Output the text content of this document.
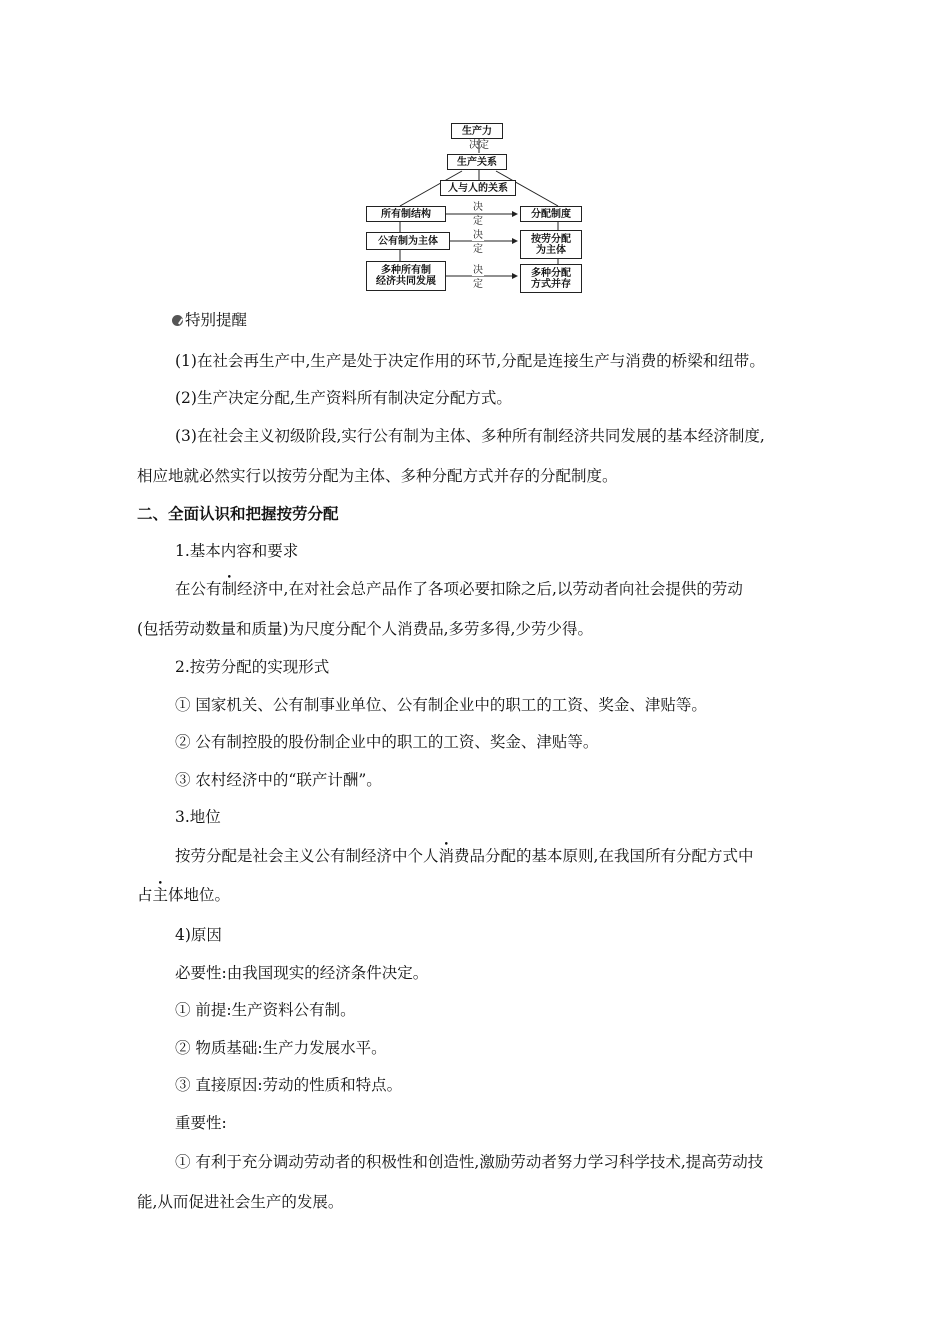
生产力
决定
生产关系
人与人的关系
所有制结构
公有制为主体
多种所有制
经济共同发展
分配制度
按劳分配
为主体
多种分配
方式并存
决
定
决
定
决
定
特别提醒
(1)在社会再生产中,生产是处于决定作用的环节,分配是连接生产与消费的桥梁和纽带。
(2)生产决定分配,生产资料所有制决定分配方式。
(3)在社会主义初级阶段,实行公有制为主体、多种所有制经济共同发展的基本经济制度,
相应地就必然实行以按劳分配为主体、多种分配方式并存的分配制度。
二、全面认识和把握按劳分配
1.基本内容和要求
在公有制经济 •中,在对社会总产品作了各项必要扣除之后,以劳动者向社会提供的劳动
(包括劳动数量和质量)为尺度分配个人消费品,多劳多得,少劳少得。
2.按劳分配的实现形式
① 国家机关、公有制事业单位、公有制企业中的职工的工资、奖金、津贴等。
② 公有制控股的股份制企业中的职工的工资、奖金、津贴等。
③ 农村经济中的“联产计酬”。
3.地位
按劳分配是社会主义公有制经济中个人消费品 •分配的基本原则,在我国所有分配方式中
占主体地位。
4)原因
必要性:由我国现实的经济条件决定。
① 前提:生产资料公有制。
② 物质基础:生产力发展水平。
③ 直接原因:劳动的性质和特点。
重要性:
① 有利于充分调动劳动者的积极性和创造性,激励劳动者努力学习科学技术,提高劳动技
能,从而促进社会生产的发展。
